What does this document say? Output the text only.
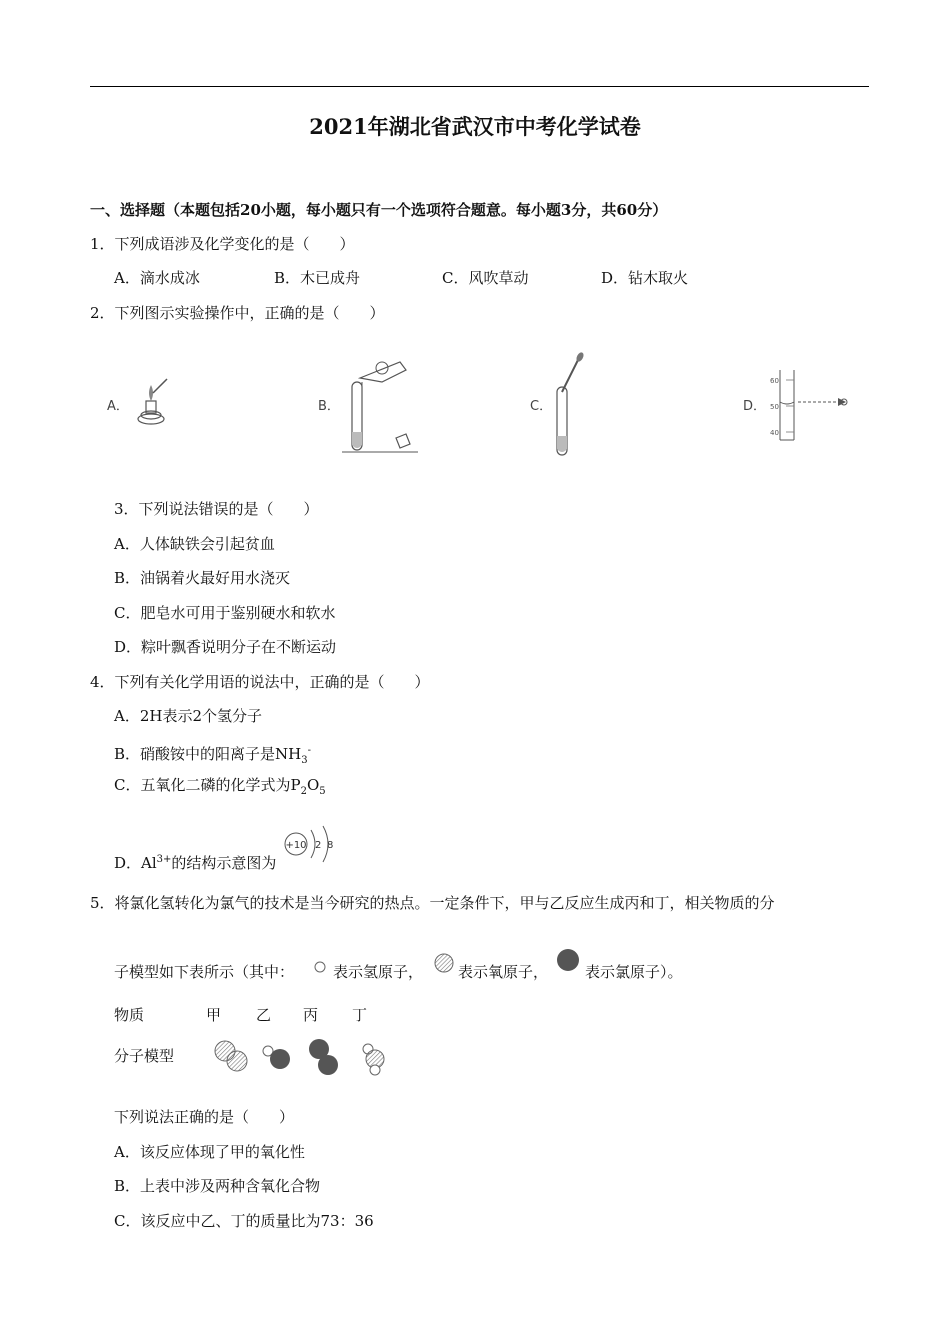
2021年湖北省武汉市中考化学试卷
一、选择题（本题包括20小题，每小题只有一个选项符合题意。每小题3分，共60分）
1．下列成语涉及化学变化的是（　　）
A．滴水成冰	B．木已成舟	C．风吹草动	D．钻木取火
2．下列图示实验操作中，正确的是（　　）
A．	B．	C．	D．
60
50
40
3．下列说法错误的是（　　）
A．人体缺铁会引起贫血
B．油锅着火最好用水浇灭
C．肥皂水可用于鉴别硬水和软水
D．粽叶飘香说明分子在不断运动
4．下列有关化学用语的说法中，正确的是（　　）
A．2H表示2个氢分子
B．硝酸铵中的阳离子是$NH_3^-$
C．五氧化二磷的化学式为$P_2O_5$
D．$Al^{3+}$的结构示意图为
+10 2 8
5．将氯化氢转化为氯气的技术是当今研究的热点。一定条件下，甲与乙反应生成丙和丁，相关物质的分
子模型如下表所示（其中：	表示氢原子， 表示氧原子， 表示氯原子）。
物质	甲 乙 丙 丁
分子模型
下列说法正确的是（　　）
A．该反应体现了甲的氧化性
B．上表中涉及两种含氧化合物
C．该反应中乙、丁的质量比为73：36
